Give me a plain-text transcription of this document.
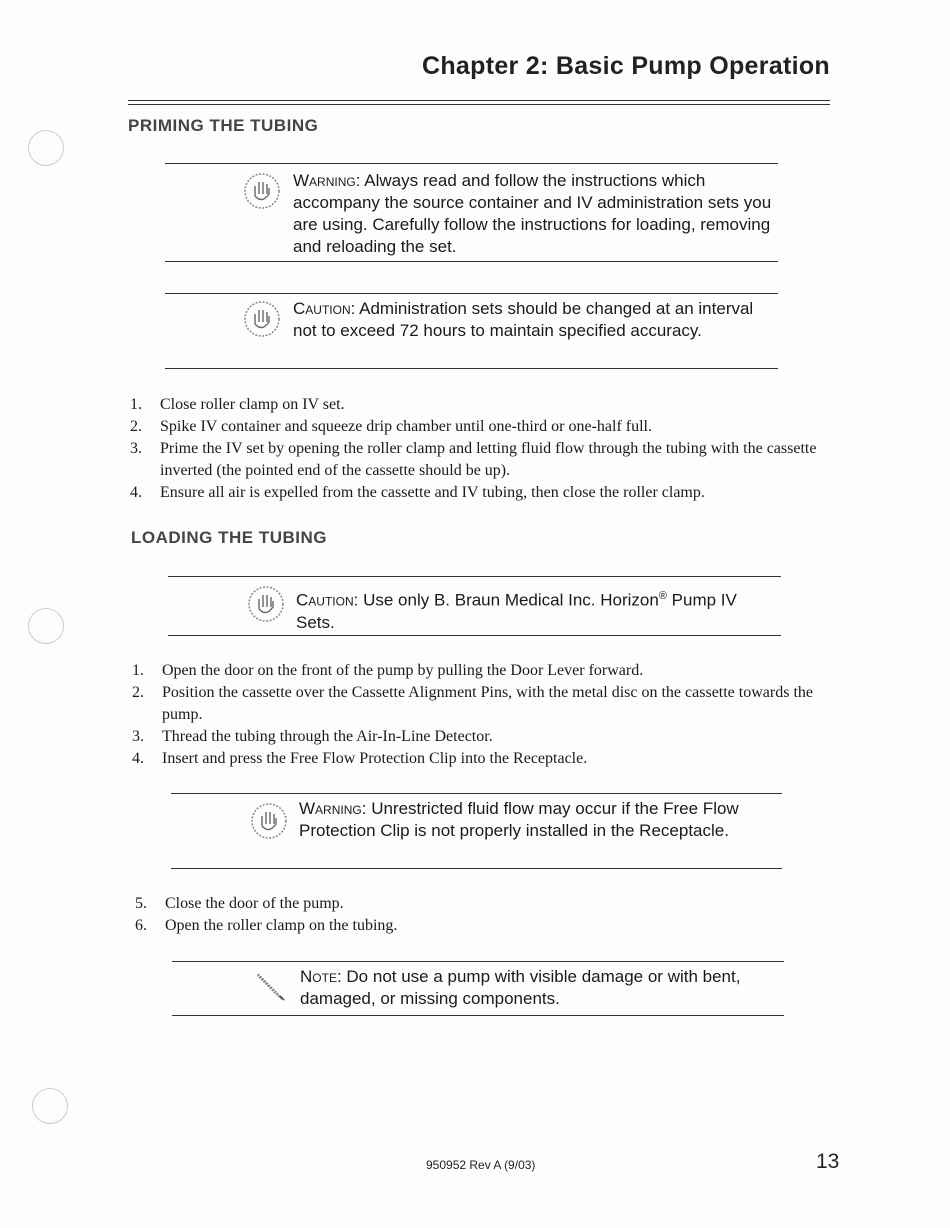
Chapter 2: Basic Pump Operation
PRIMING THE TUBING
Warning: Always read and follow the instructions which accompany the source container and IV administration sets you are using. Carefully follow the instructions for loading, removing and reloading the set.
Caution: Administration sets should be changed at an interval not to exceed 72 hours to maintain specified accuracy.
1. Close roller clamp on IV set.
2. Spike IV container and squeeze drip chamber until one-third or one-half full.
3. Prime the IV set by opening the roller clamp and letting fluid flow through the tubing with the cassette inverted (the pointed end of the cassette should be up).
4. Ensure all air is expelled from the cassette and IV tubing, then close the roller clamp.
LOADING THE TUBING
Caution: Use only B. Braun Medical Inc. Horizon® Pump IV Sets.
1. Open the door on the front of the pump by pulling the Door Lever forward.
2. Position the cassette over the Cassette Alignment Pins, with the metal disc on the cassette towards the pump.
3. Thread the tubing through the Air-In-Line Detector.
4. Insert and press the Free Flow Protection Clip into the Receptacle.
Warning: Unrestricted fluid flow may occur if the Free Flow Protection Clip is not properly installed in the Receptacle.
5. Close the door of the pump.
6. Open the roller clamp on the tubing.
Note: Do not use a pump with visible damage or with bent, damaged, or missing components.
950952 Rev A (9/03)	13
